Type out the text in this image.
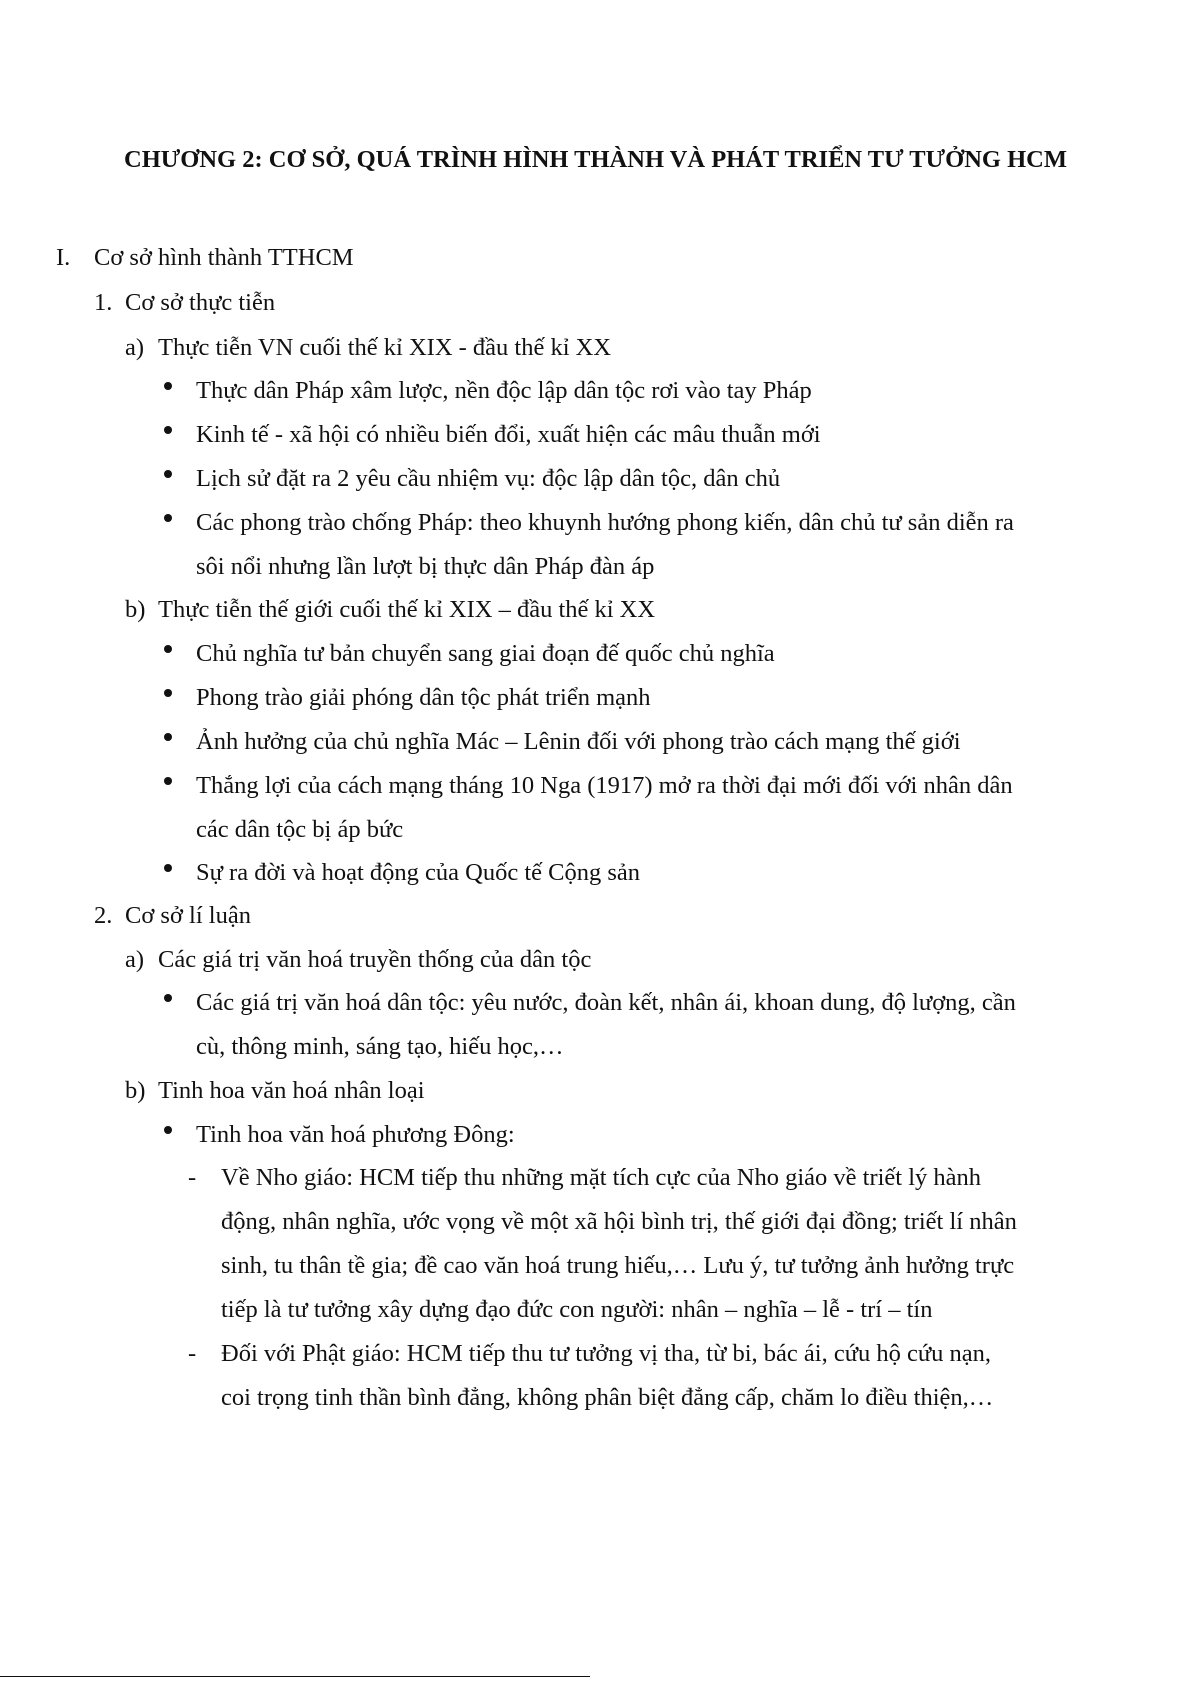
CHƯƠNG 2: CƠ SỞ, QUÁ TRÌNH HÌNH THÀNH VÀ PHÁT TRIỂN TƯ TƯỞNG HCM
I. Cơ sở hình thành TTHCM
1. Cơ sở thực tiễn
a) Thực tiễn VN cuối thế kỉ XIX - đầu thế kỉ XX
Thực dân Pháp xâm lược, nền độc lập dân tộc rơi vào tay Pháp
Kinh tế - xã hội có nhiều biến đổi, xuất hiện các mâu thuẫn mới
Lịch sử đặt ra 2 yêu cầu nhiệm vụ: độc lập dân tộc, dân chủ
Các phong trào chống Pháp: theo khuynh hướng phong kiến, dân chủ tư sản diễn ra
sôi nổi nhưng lần lượt bị thực dân Pháp đàn áp
b) Thực tiễn thế giới cuối thế kỉ XIX – đầu thế kỉ XX
Chủ nghĩa tư bản chuyển sang giai đoạn đế quốc chủ nghĩa
Phong trào giải phóng dân tộc phát triển mạnh
Ảnh hưởng của chủ nghĩa Mác – Lênin đối với phong trào cách mạng thế giới
Thắng lợi của cách mạng tháng 10 Nga (1917) mở ra thời đại mới đối với nhân dân
các dân tộc bị áp bức
Sự ra đời và hoạt động của Quốc tế Cộng sản
2. Cơ sở lí luận
a) Các giá trị văn hoá truyền thống của dân tộc
Các giá trị văn hoá dân tộc: yêu nước, đoàn kết, nhân ái, khoan dung, độ lượng, cần
cù, thông minh, sáng tạo, hiếu học,…
b) Tinh hoa văn hoá nhân loại
Tinh hoa văn hoá phương Đông:
- Về Nho giáo: HCM tiếp thu những mặt tích cực của Nho giáo về triết lý hành
động, nhân nghĩa, ước vọng về một xã hội bình trị, thế giới đại đồng; triết lí nhân
sinh, tu thân tề gia; đề cao văn hoá trung hiếu,… Lưu ý, tư tưởng ảnh hưởng trực
tiếp là tư tưởng xây dựng đạo đức con người: nhân – nghĩa – lễ - trí – tín
- Đối với Phật giáo: HCM tiếp thu tư tưởng vị tha, từ bi, bác ái, cứu hộ cứu nạn,
coi trọng tinh thần bình đẳng, không phân biệt đẳng cấp, chăm lo điều thiện,…
